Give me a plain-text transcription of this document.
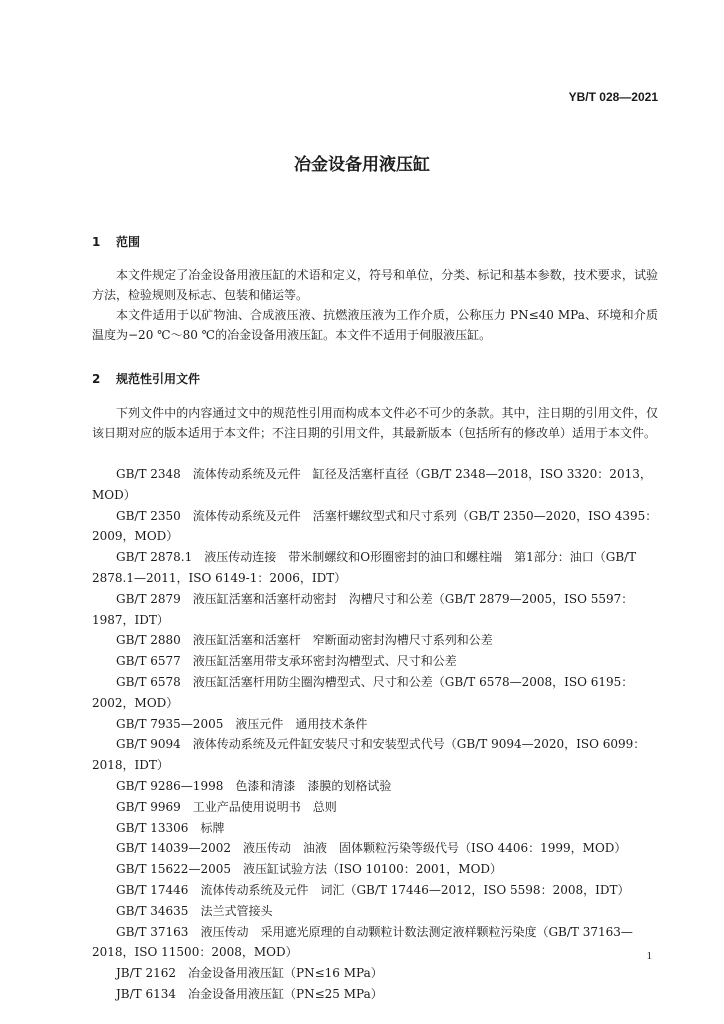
YB/T 028—2021
冶金设备用液压缸
1 范围

本文件规定了冶金设备用液压缸的术语和定义，符号和单位，分类、标记和基本参数，技术要求，试验方法，检验规则及标志、包装和储运等。

本文件适用于以矿物油、合成液压液、抗燃液压液为工作介质，公称压力 PN≤40 MPa、环境和介质温度为−20 ℃～80 ℃的冶金设备用液压缸。本文件不适用于伺服液压缸。

2 规范性引用文件

下列文件中的内容通过文中的规范性引用而构成本文件必不可少的条款。其中，注日期的引用文件，仅该日期对应的版本适用于本文件；不注日期的引用文件，其最新版本（包括所有的修改单）适用于本文件。

GB/T 2348　流体传动系统及元件　缸径及活塞杆直径（GB/T 2348—2018，ISO 3320：2013，MOD）
GB/T 2350　流体传动系统及元件　活塞杆螺纹型式和尺寸系列（GB/T 2350—2020，ISO 4395：2009，MOD）
GB/T 2878.1　液压传动连接　带米制螺纹和O形圈密封的油口和螺柱端　第1部分：油口（GB/T 2878.1—2011，ISO 6149-1：2006，IDT）
GB/T 2879　液压缸活塞和活塞杆动密封　沟槽尺寸和公差（GB/T 2879—2005，ISO 5597：1987，IDT）
GB/T 2880　液压缸活塞和活塞杆　窄断面动密封沟槽尺寸系列和公差
GB/T 6577　液压缸活塞用带支承环密封沟槽型式、尺寸和公差
GB/T 6578　液压缸活塞杆用防尘圈沟槽型式、尺寸和公差（GB/T 6578—2008，ISO 6195：2002，MOD）
GB/T 7935—2005　液压元件　通用技术条件
GB/T 9094　液体传动系统及元件缸安装尺寸和安装型式代号（GB/T 9094—2020，ISO 6099：2018，IDT）
GB/T 9286—1998　色漆和清漆　漆膜的划格试验
GB/T 9969　工业产品使用说明书　总则
GB/T 13306　标牌
GB/T 14039—2002　液压传动　油液　固体颗粒污染等级代号（ISO 4406：1999，MOD）
GB/T 15622—2005　液压缸试验方法（ISO 10100：2001，MOD）
GB/T 17446　流体传动系统及元件　词汇（GB/T 17446—2012，ISO 5598：2008，IDT）
GB/T 34635　法兰式管接头
GB/T 37163　液压传动　采用遮光原理的自动颗粒计数法测定液样颗粒污染度（GB/T 37163—2018，ISO 11500：2008，MOD）
JB/T 2162　冶金设备用液压缸（PN≤16 MPa）
JB/T 6134　冶金设备用液压缸（PN≤25 MPa）
1
